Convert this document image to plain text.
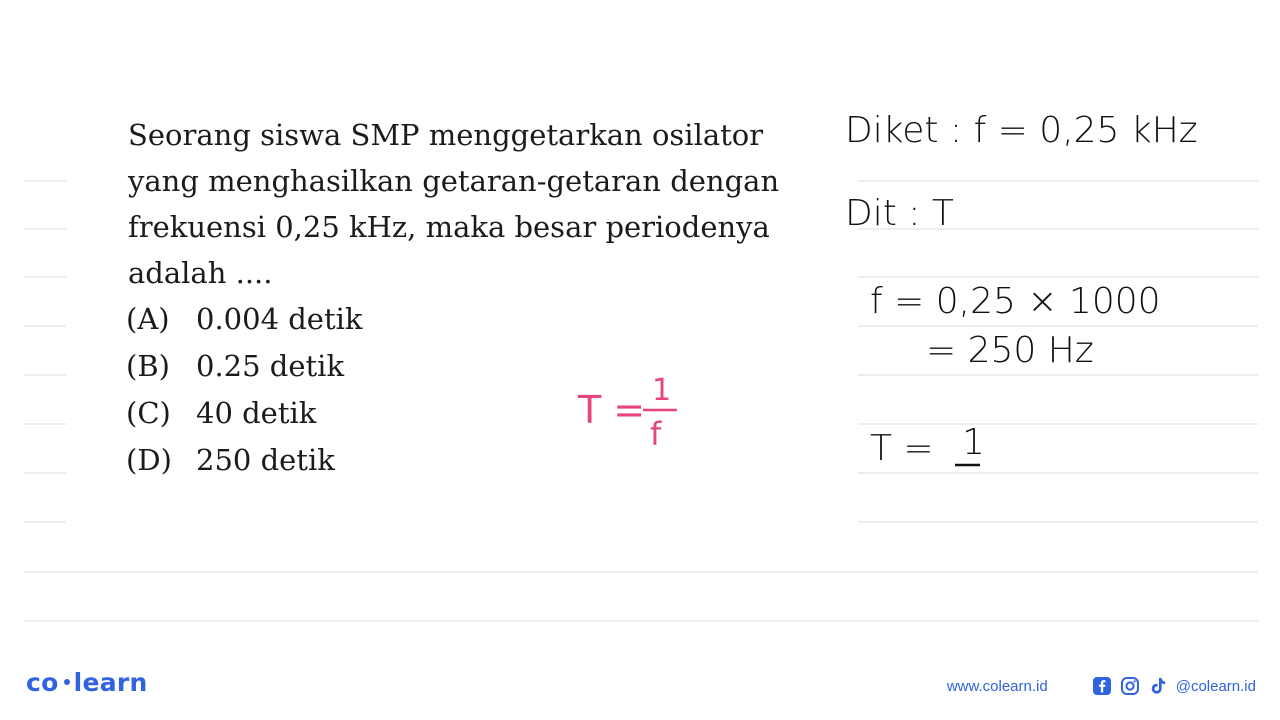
Seorang siswa SMP menggetarkan osilator yang menghasilkan getaran-getaran dengan frekuensi 0,25 kHz, maka besar periodenya adalah ....
(A) 0.004 detik
(B) 0.25 detik
(C) 40 detik
(D) 250 detik
Diket : f = 0,25 kHz
Dit : T
f = 0,25 × 1000
= 250 Hz
T = 1
T = 1
f
co learn	www.colearn.id	@colearn.id
